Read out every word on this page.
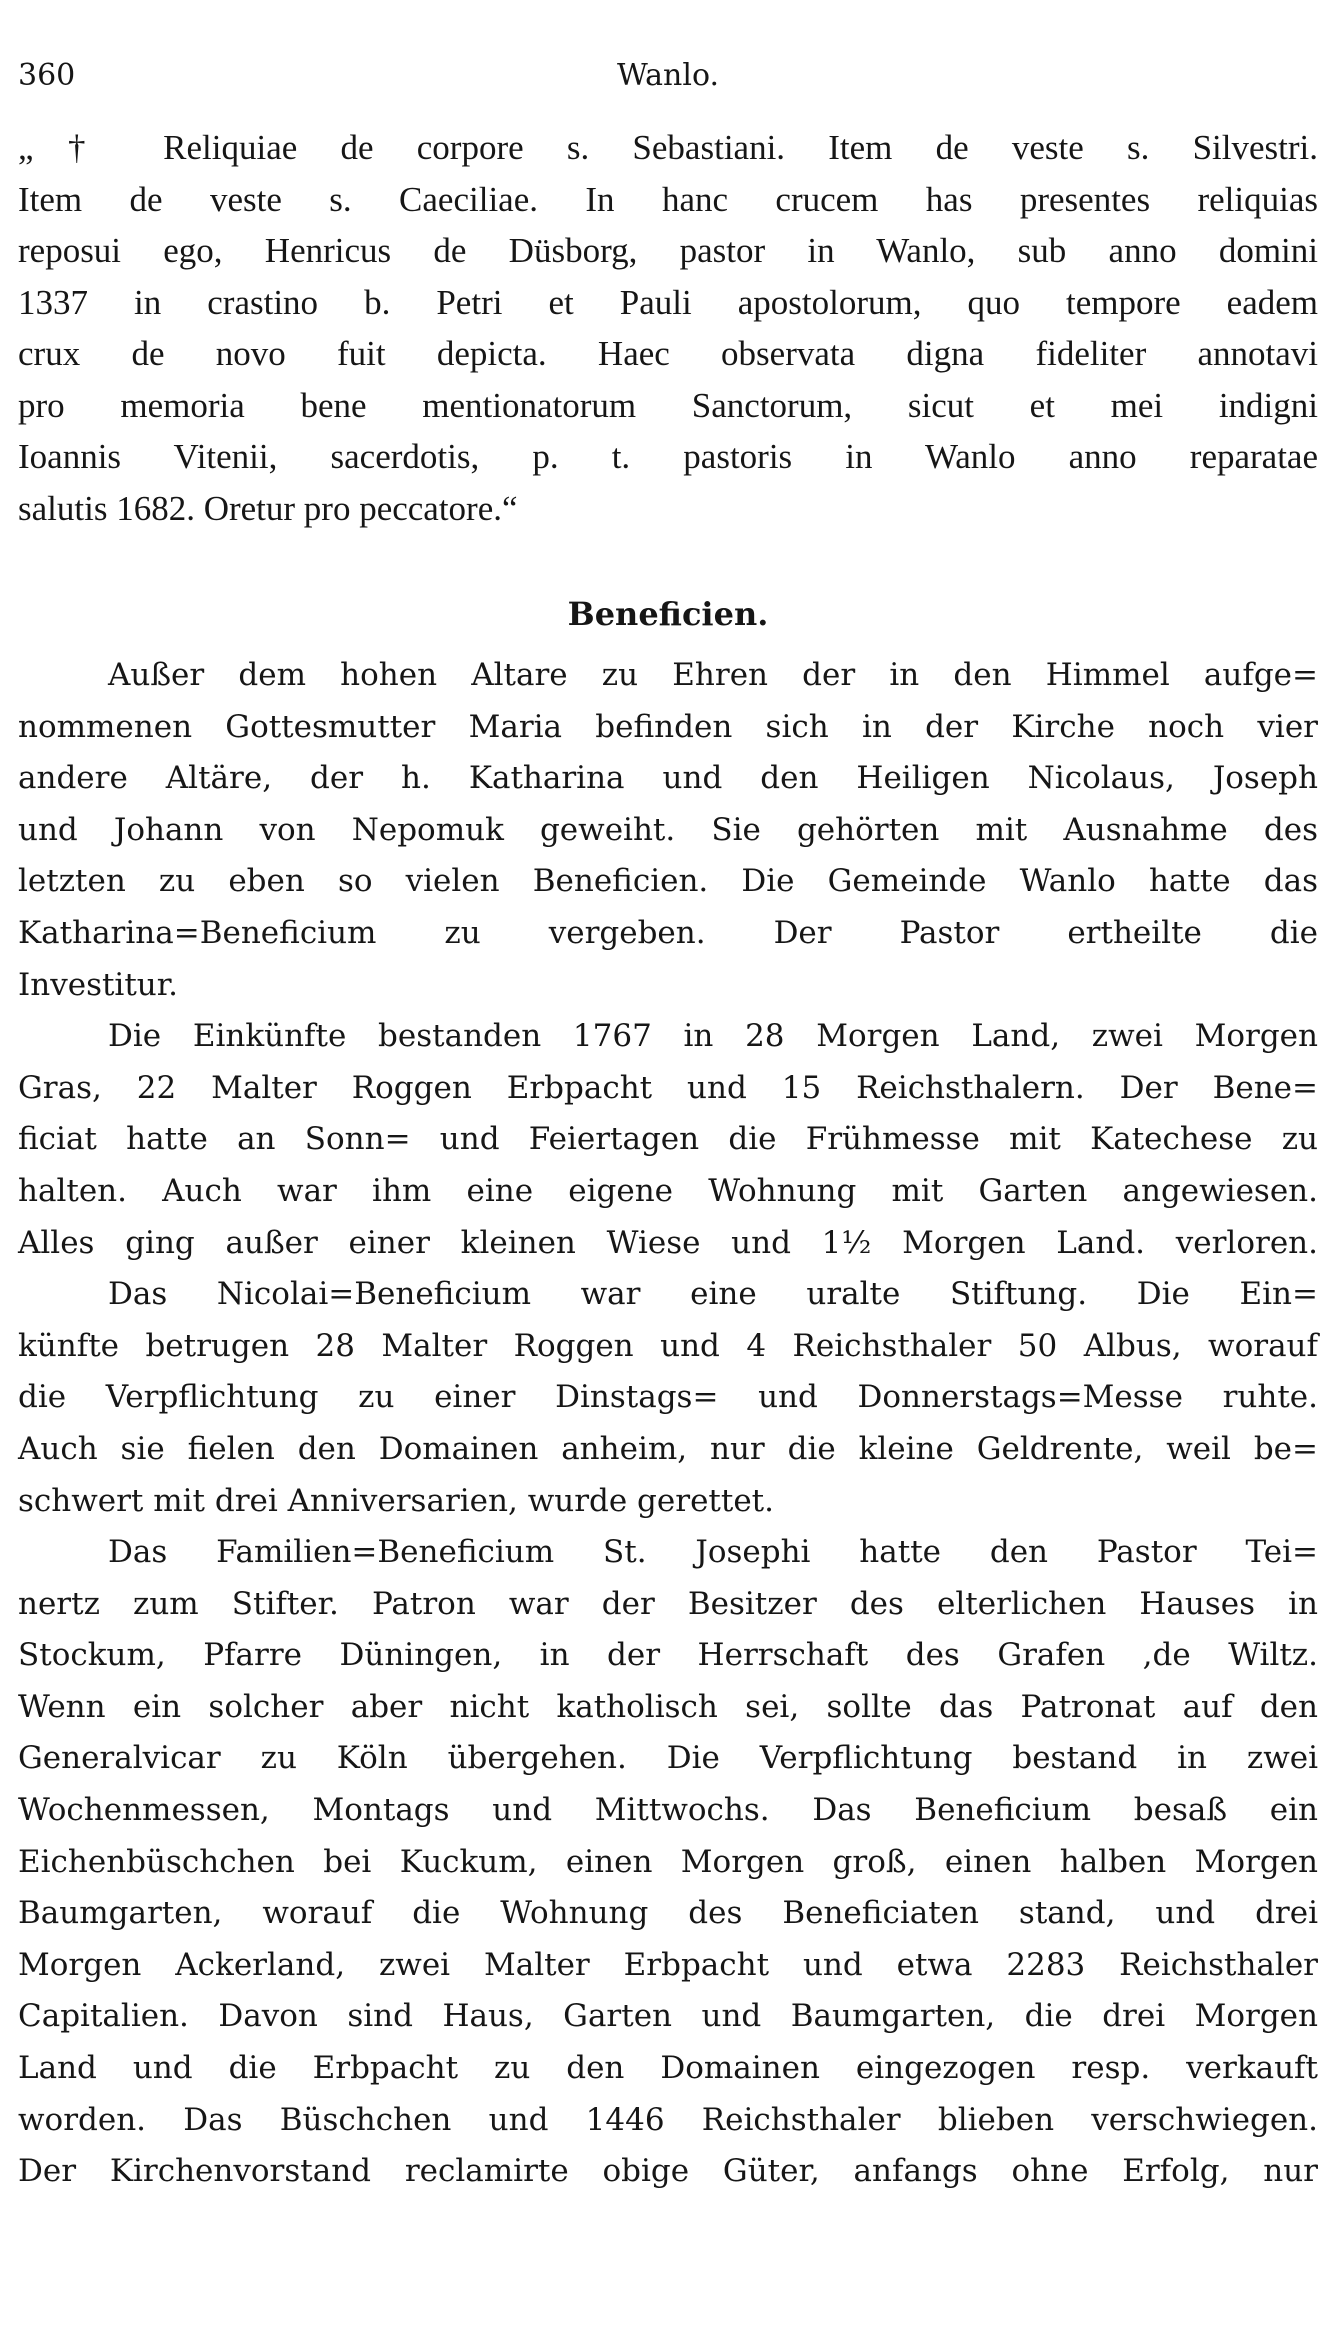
360	Wanlo.
„† Reliquiae de corpore s. Sebastiani. Item de veste s. Silvestri.
Item de veste s. Caeciliae. In hanc crucem has presentes reliquias
reposui ego, Henricus de Düsborg, pastor in Wanlo, sub anno domini
1337 in crastino b. Petri et Pauli apostolorum, quo tempore eadem
crux de novo fuit depicta. Haec observata digna fideliter annotavi
pro memoria bene mentionatorum Sanctorum, sicut et mei indigni
Ioannis Vitenii, sacerdotis, p. t. pastoris in Wanlo anno reparatae
salutis 1682. Oretur pro peccatore.“
Beneficien.
Außer dem hohen Altare zu Ehren der in den Himmel aufge=
nommenen Gottesmutter Maria befinden sich in der Kirche noch vier
andere Altäre, der h. Katharina und den Heiligen Nicolaus, Joseph
und Johann von Nepomuk geweiht. Sie gehörten mit Ausnahme des
letzten zu eben so vielen Beneficien. Die Gemeinde Wanlo hatte das
Katharina=Beneficium zu vergeben. Der Pastor ertheilte die
Investitur.
Die Einkünfte bestanden 1767 in 28 Morgen Land, zwei Morgen
Gras, 22 Malter Roggen Erbpacht und 15 Reichsthalern. Der Bene=
ficiat hatte an Sonn= und Feiertagen die Frühmesse mit Katechese zu
halten. Auch war ihm eine eigene Wohnung mit Garten angewiesen.
Alles ging außer einer kleinen Wiese und 1½ Morgen Land. verloren.
Das Nicolai=Beneficium war eine uralte Stiftung. Die Ein=
künfte betrugen 28 Malter Roggen und 4 Reichsthaler 50 Albus, worauf
die Verpflichtung zu einer Dinstags= und Donnerstags=Messe ruhte.
Auch sie fielen den Domainen anheim, nur die kleine Geldrente, weil be=
schwert mit drei Anniversarien, wurde gerettet.
Das Familien=Beneficium St. Josephi hatte den Pastor Tei=
nertz zum Stifter. Patron war der Besitzer des elterlichen Hauses in
Stockum, Pfarre Düningen, in der Herrschaft des Grafen ,de Wiltz.
Wenn ein solcher aber nicht katholisch sei, sollte das Patronat auf den
Generalvicar zu Köln übergehen. Die Verpflichtung bestand in zwei
Wochenmessen, Montags und Mittwochs. Das Beneficium besaß ein
Eichenbüschchen bei Kuckum, einen Morgen groß, einen halben Morgen
Baumgarten, worauf die Wohnung des Beneficiaten stand, und drei
Morgen Ackerland, zwei Malter Erbpacht und etwa 2283 Reichsthaler
Capitalien. Davon sind Haus, Garten und Baumgarten, die drei Morgen
Land und die Erbpacht zu den Domainen eingezogen resp. verkauft
worden. Das Büschchen und 1446 Reichsthaler blieben verschwiegen.
Der Kirchenvorstand reclamirte obige Güter, anfangs ohne Erfolg, nur
